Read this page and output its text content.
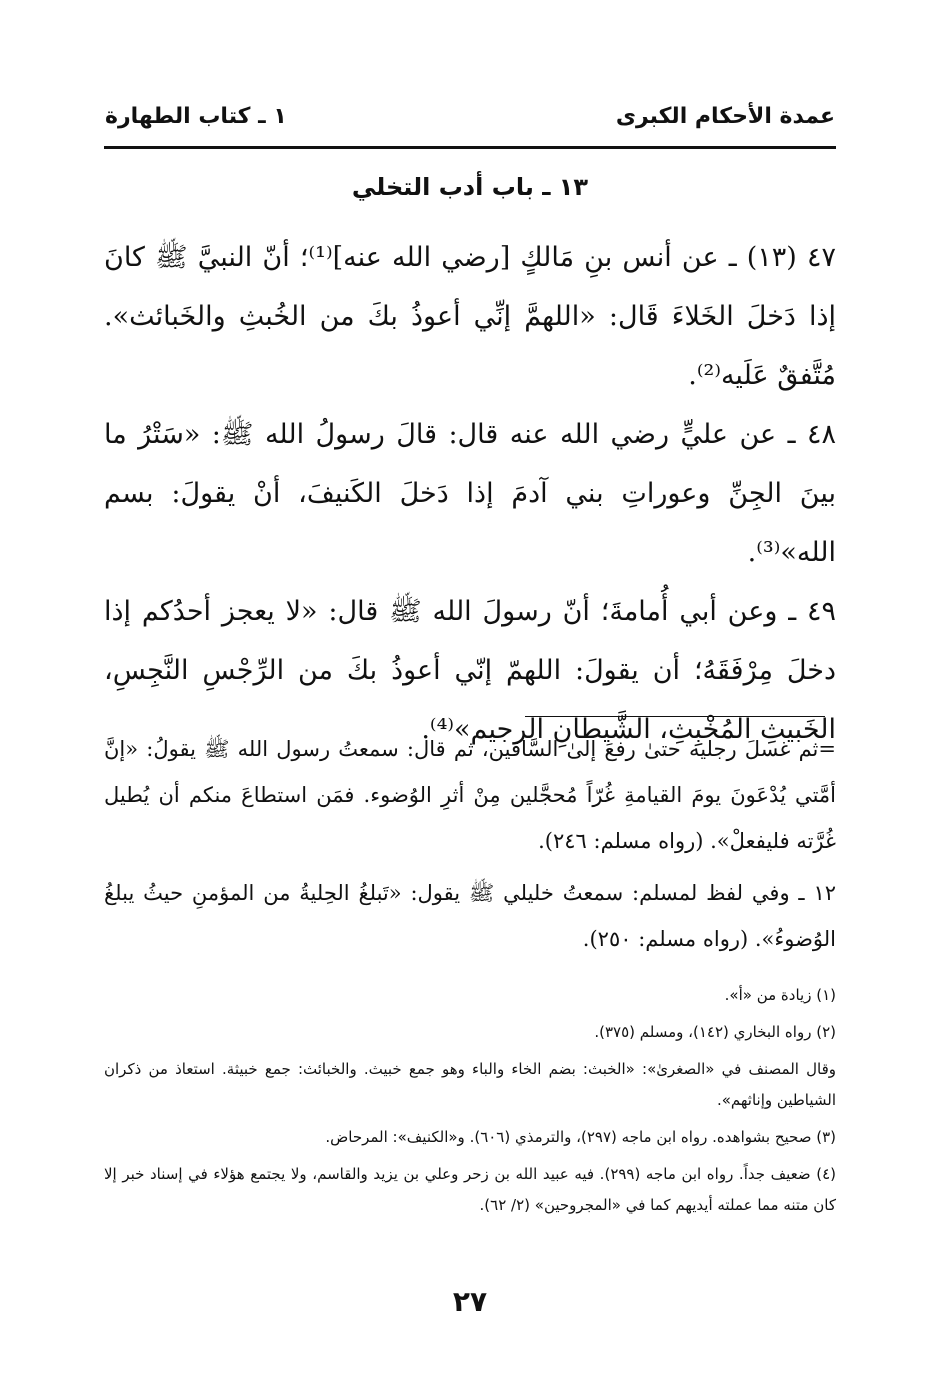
عمدة الأحكام الكبرى
١ ـ كتاب الطهارة
١٣ ـ باب أدب التخلي

٤٧ (١٣) ـ عن أنس بنِ مَالكٍ [رضي الله عنه]⁽¹⁾؛ أنّ النبيَّ ﷺ كانَ إذا دَخلَ الخَلاءَ قَال: «اللهمَّ إنِّي أعوذُ بكَ من الخُبثِ والخَبائث». مُتَّفقٌ عَلَيه⁽²⁾.

٤٨ ـ عن عليٍّ رضي الله عنه قال: قالَ رسولُ الله ﷺ: «سَتْرُ ما بينَ الجِنِّ وعوراتِ بني آدمَ إذا دَخلَ الكَنيفَ، أنْ يقولَ: بسم الله»⁽³⁾.

٤٩ ـ وعن أبي أُمامةَ؛ أنّ رسولَ الله ﷺ قال: «لا يعجز أحدُكم إذا دخلَ مِرْفَقَهُ؛ أن يقولَ: اللهمّ إنّي أعوذُ بكَ من الرِّجْسِ النَّجِسِ، الخَبيثِ المُخْبِثِ، الشَّيطانِ الرجيم»⁽⁴⁾.

=ثم غسلَ رجليه حتىٰ رفعَ إلىٰ السَّاقين، ثم قال: سمعتُ رسول الله ﷺ يقولُ: «إنَّ أمَّتي يُدْعَونَ يومَ القيامةِ غُرّاً مُحجَّلين مِنْ أثرِ الوُضوء. فمَن استطاعَ منكم أن يُطيل غُرَّته فليفعلْ». (رواه مسلم: ٢٤٦).

١٢ ـ وفي لفظ لمسلم: سمعتُ خليلي ﷺ يقول: «تَبلغُ الحِليةُ من المؤمنِ حيثُ يبلغُ الوُضوءُ». (رواه مسلم: ٢٥٠).

(١) زيادة من «أ».

(٢) رواه البخاري (١٤٢)، ومسلم (٣٧٥).

وقال المصنف في «الصغرىٰ»: «الخبث: بضم الخاء والباء وهو جمع خبيث. والخبائث: جمع خبيثة. استعاذ من ذكران الشياطين وإناثهم».

(٣) صحيح بشواهده. رواه ابن ماجه (٢٩٧)، والترمذي (٦٠٦). و«الكنيف»: المرحاض.

(٤) ضعيف جداً. رواه ابن ماجه (٢٩٩). فيه عبيد الله بن زحر وعلي بن يزيد والقاسم، ولا يجتمع هؤلاء في إسناد خبر إلا كان متنه مما عملته أيديهم كما في «المجروحين» (٢/ ٦٢).

٢٧
